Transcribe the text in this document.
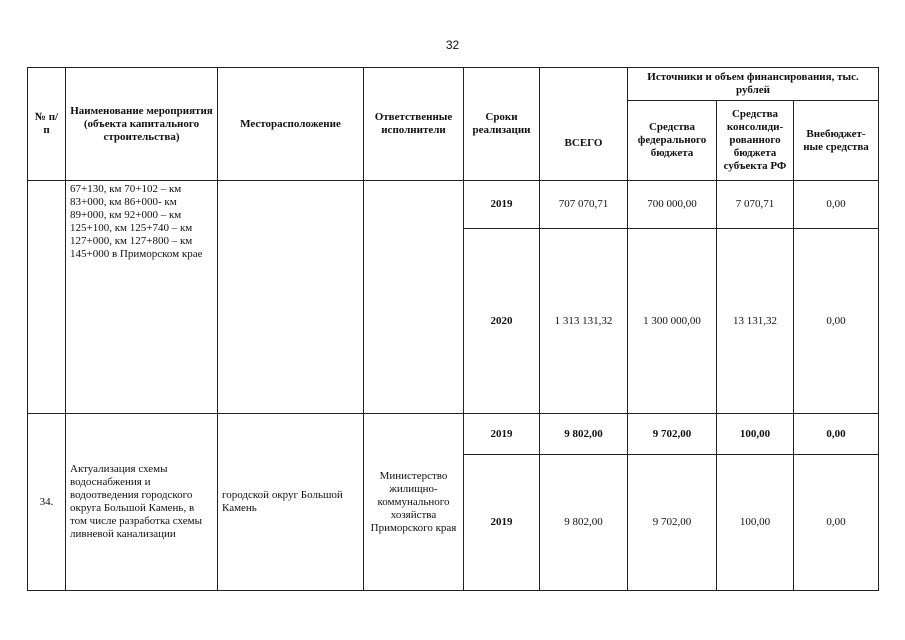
32
№ п/п	Наименование мероприятия (объекта капитального строительства)	Месторасположение	Ответственные исполнители	Сроки реализации	ВСЕГО	Источники и объем финансирования, тыс. рублей		
						Средства федерального бюджета	Средства консолиди-рованного бюджета субъекта РФ	Внебюджет-ные средства
	67+130, км 70+102 – км 83+000, км 86+000- км 89+000, км 92+000 – км 125+100, км 125+740 – км 127+000, км 127+800 – км 145+000 в Приморском крае			2019	707 070,71	700 000,00	7 070,71	0,00
				2020	1 313 131,32	1 300 000,00	13 131,32	0,00
34.	Актуализация схемы водоснабжения и водоотведения городского округа Большой Камень, в том числе разработка схемы ливневой канализации	городской округ Большой Камень	Министерство жилищно-коммунального хозяйства Приморского края	2019	9 802,00	9 702,00	100,00	0,00
				2019	9 802,00	9 702,00	100,00	0,00
